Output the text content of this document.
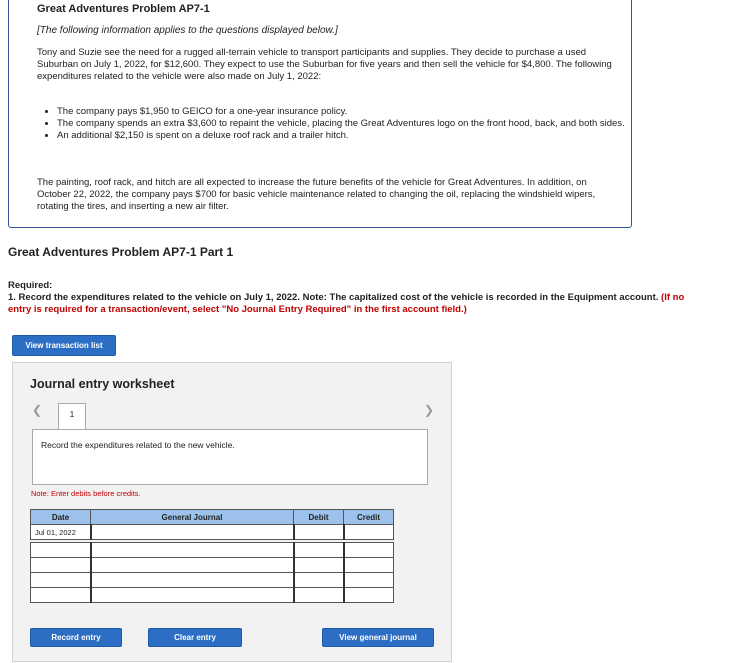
Great Adventures Problem AP7-1
[The following information applies to the questions displayed below.]

Tony and Suzie see the need for a rugged all-terrain vehicle to transport participants and supplies. They decide to purchase a used Suburban on July 1, 2022, for $12,600. They expect to use the Suburban for five years and then sell the vehicle for $4,800. The following expenditures related to the vehicle were also made on July 1, 2022:

• The company pays $1,950 to GEICO for a one-year insurance policy.
• The company spends an extra $3,600 to repaint the vehicle, placing the Great Adventures logo on the front hood, back, and both sides.
• An additional $2,150 is spent on a deluxe roof rack and a trailer hitch.

The painting, roof rack, and hitch are all expected to increase the future benefits of the vehicle for Great Adventures. In addition, on October 22, 2022, the company pays $700 for basic vehicle maintenance related to changing the oil, replacing the windshield wipers, rotating the tires, and inserting a new air filter.

Great Adventures Problem AP7-1 Part 1
Required:
1. Record the expenditures related to the vehicle on July 1, 2022. Note: The capitalized cost of the vehicle is recorded in the Equipment account. (If no entry is required for a transaction/event, select "No Journal Entry Required" in the first account field.)
View transaction list
Journal entry worksheet
❮	1	❯
Record the expenditures related to the new vehicle.
Note: Enter debits before credits.
Date	General Journal	Debit	Credit
Jul 01, 2022			

Record entry	Clear entry	View general journal
